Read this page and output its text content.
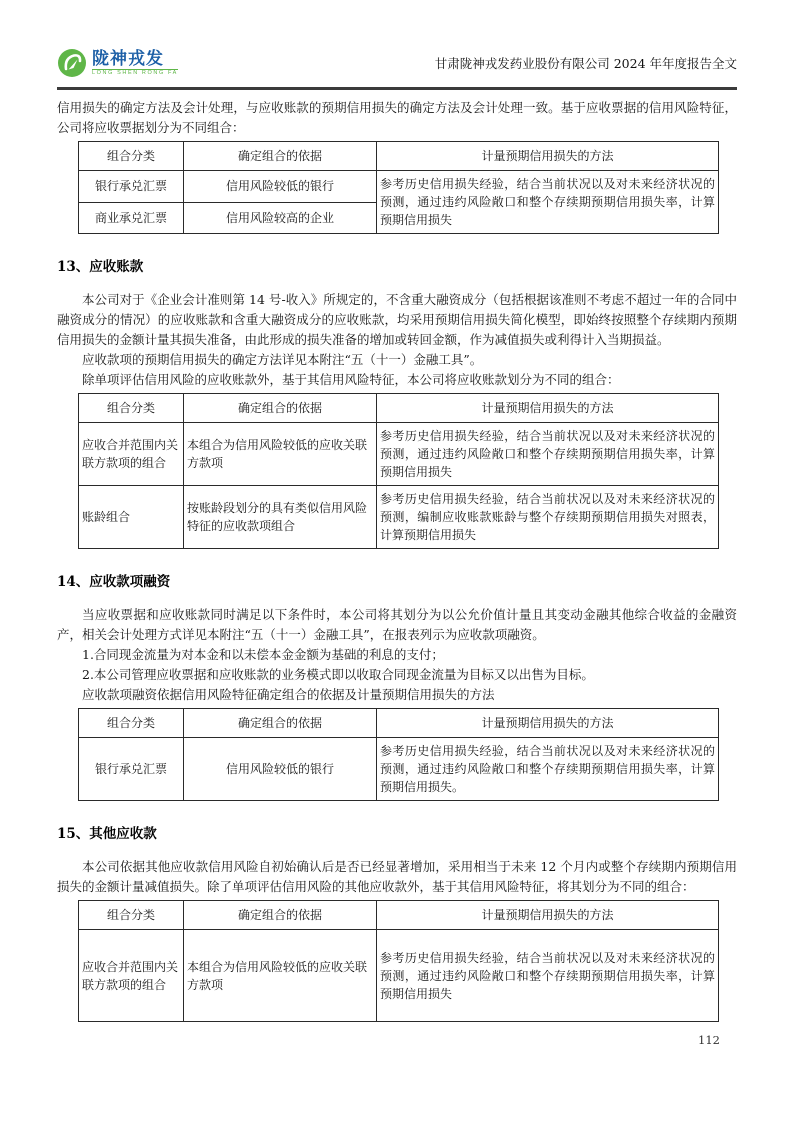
陇神戎发
LONG SHEN RONG FA
甘肃陇神戎发药业股份有限公司 2024 年年度报告全文

信用损失的确定方法及会计处理，与应收账款的预期信用损失的确定方法及会计处理一致。基于应收票据的信用风险特征，公司将应收票据划分为不同组合：

组合分类	确定组合的依据	计量预期信用损失的方法
银行承兑汇票	信用风险较低的银行	参考历史信用损失经验，结合当前状况以及对未来经济状况的预测，通过违约风险敞口和整个存续期预期信用损失率，计算预期信用损失
商业承兑汇票	信用风险较高的企业	
13、应收账款

本公司对于《企业会计准则第 14 号-收入》所规定的，不含重大融资成分（包括根据该准则不考虑不超过一年的合同中融资成分的情况）的应收账款和含重大融资成分的应收账款，均采用预期信用损失简化模型，即始终按照整个存续期内预期信用损失的金额计量其损失准备，由此形成的损失准备的增加或转回金额，作为减值损失或利得计入当期损益。

应收款项的预期信用损失的确定方法详见本附注“五（十一）金融工具”。

除单项评估信用风险的应收账款外，基于其信用风险特征，本公司将应收账款划分为不同的组合：

组合分类	确定组合的依据	计量预期信用损失的方法
应收合并范围内关联方款项的组合	本组合为信用风险较低的应收关联方款项	参考历史信用损失经验，结合当前状况以及对未来经济状况的预测，通过违约风险敞口和整个存续期预期信用损失率，计算预期信用损失
账龄组合	按账龄段划分的具有类似信用风险特征的应收款项组合	参考历史信用损失经验，结合当前状况以及对未来经济状况的预测，编制应收账款账龄与整个存续期预期信用损失对照表，计算预期信用损失
14、应收款项融资

当应收票据和应收账款同时满足以下条件时，本公司将其划分为以公允价值计量且其变动金融其他综合收益的金融资产，相关会计处理方式详见本附注“五（十一）金融工具”，在报表列示为应收款项融资。

1.合同现金流量为对本金和以未偿本金金额为基础的利息的支付；

2.本公司管理应收票据和应收账款的业务模式即以收取合同现金流量为目标又以出售为目标。

应收款项融资依据信用风险特征确定组合的依据及计量预期信用损失的方法

组合分类	确定组合的依据	计量预期信用损失的方法
银行承兑汇票	信用风险较低的银行	参考历史信用损失经验，结合当前状况以及对未来经济状况的预测，通过违约风险敞口和整个存续期预期信用损失率，计算预期信用损失。
15、其他应收款

本公司依据其他应收款信用风险自初始确认后是否已经显著增加，采用相当于未来 12 个月内或整个存续期内预期信用损失的金额计量减值损失。除了单项评估信用风险的其他应收款外，基于其信用风险特征，将其划分为不同的组合：

组合分类	确定组合的依据	计量预期信用损失的方法
应收合并范围内关联方款项的组合	本组合为信用风险较低的应收关联方款项	参考历史信用损失经验，结合当前状况以及对未来经济状况的预测，通过违约风险敞口和整个存续期预期信用损失率，计算预期信用损失
112
